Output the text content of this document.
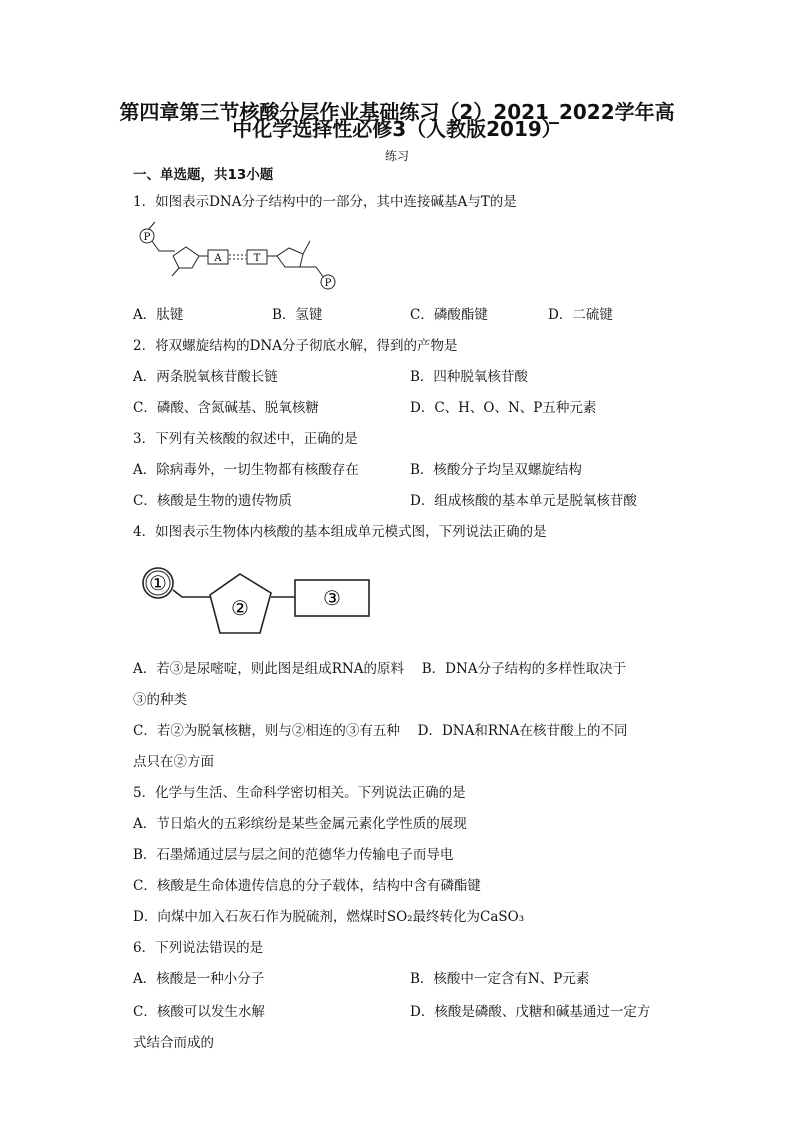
第四章第三节核酸分层作业基础练习（2）2021_2022学年高
中化学选择性必修3（人教版2019）
练习
一、单选题，共13小题
1．如图表示DNA分子结构中的一部分，其中连接碱基A与T的是
P
A	T
P
A．肽键	B．氢键	C．磷酸酯键	D．二硫键
2．将双螺旋结构的DNA分子彻底水解，得到的产物是
A．两条脱氧核苷酸长链	B．四种脱氧核苷酸
C．磷酸、含氮碱基、脱氧核糖	D．C、H、O、N、P五种元素
3．下列有关核酸的叙述中，正确的是
A．除病毒外，一切生物都有核酸存在	B．核酸分子均呈双螺旋结构
C．核酸是生物的遗传物质	D．组成核酸的基本单元是脱氧核苷酸
4．如图表示生物体内核酸的基本组成单元模式图，下列说法正确的是
①
②	③
A．若③是尿嘧啶，则此图是组成RNA的原料　 B．DNA分子结构的多样性取决于
③的种类
C．若②为脱氧核糖，则与②相连的③有五种　 D．DNA和RNA在核苷酸上的不同
点只在②方面
5．化学与生活、生命科学密切相关。下列说法正确的是
A．节日焰火的五彩缤纷是某些金属元素化学性质的展现
B．石墨烯通过层与层之间的范德华力传输电子而导电
C．核酸是生命体遗传信息的分子载体，结构中含有磷酯键
D．向煤中加入石灰石作为脱硫剂，燃煤时SO₂最终转化为CaSO₃
6．下列说法错误的是
A．核酸是一种小分子	B．核酸中一定含有N、P元素
C．核酸可以发生水解	D．核酸是磷酸、戊糖和碱基通过一定方
式结合而成的
